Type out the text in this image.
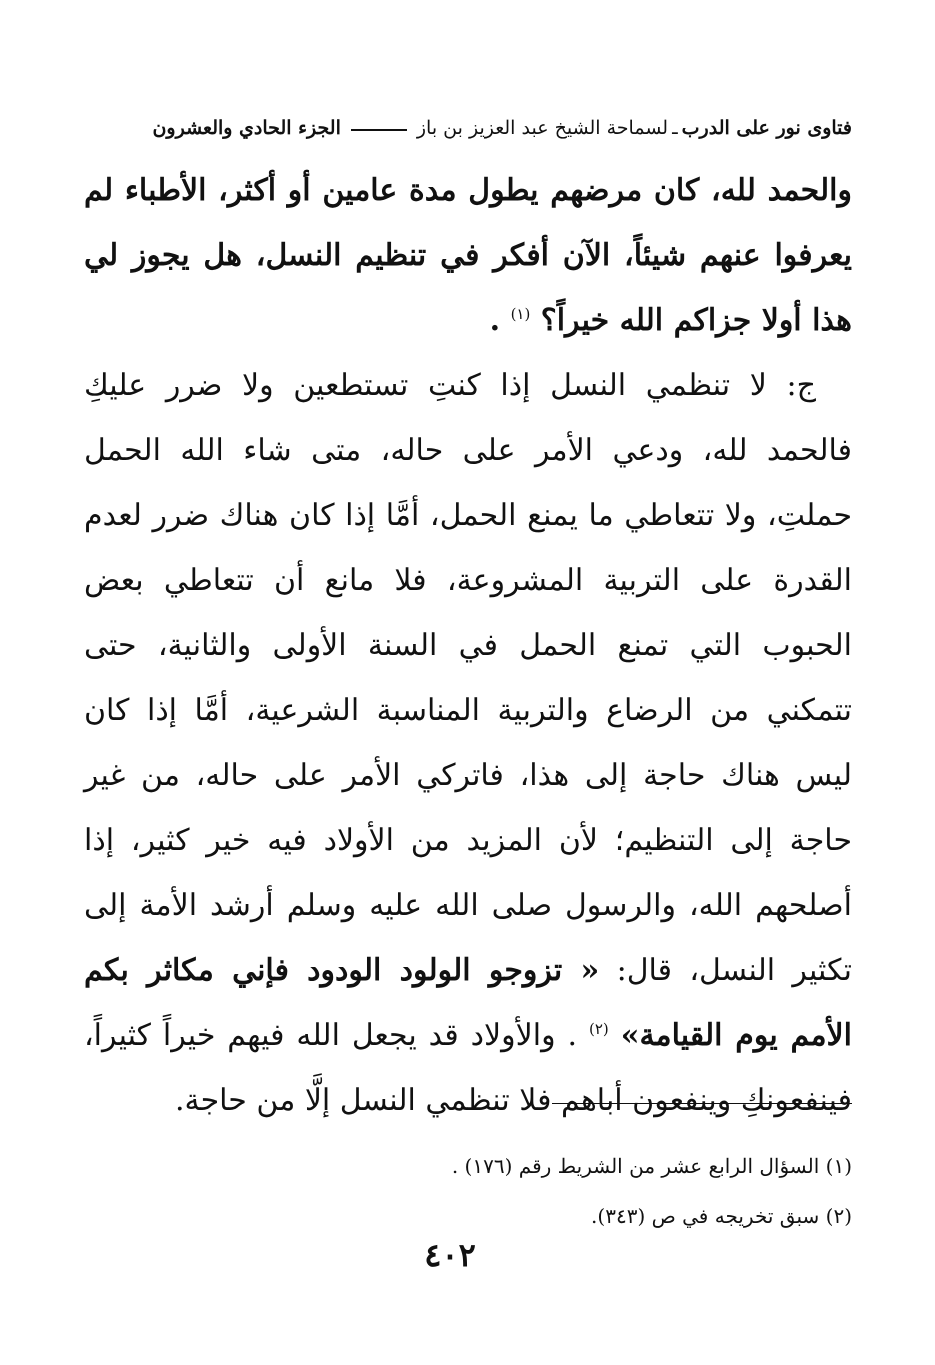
فتاوى نور على الدرب
ـ
لسماحة الشيخ عبد العزيز بن باز
الجزء الحادي والعشرون

والحمد لله، كان مرضهم يطول مدة عامين أو أكثر، الأطباء لم يعرفوا عنهم شيئاً، الآن أفكر في تنظيم النسل، هل يجوز لي هذا أولا جزاكم الله خيراً؟ $^{(١)}$ .

ج: لا تنظمي النسل إذا كنتِ تستطعين ولا ضرر عليكِ فالحمد لله، ودعي الأمر على حاله، متى شاء الله الحمل حملتِ، ولا تتعاطي ما يمنع الحمل، أمَّا إذا كان هناك ضرر لعدم القدرة على التربية المشروعة، فلا مانع أن تتعاطي بعض الحبوب التي تمنع الحمل في السنة الأولى والثانية، حتى تتمكني من الرضاع والتربية المناسبة الشرعية، أمَّا إذا كان ليس هناك حاجة إلى هذا، فاتركي الأمر على حاله، من غير حاجة إلى التنظيم؛ لأن المزيد من الأولاد فيه خير كثير، إذا أصلحهم الله، والرسول صلى الله عليه وسلم أرشد الأمة إلى تكثير النسل، قال: « تزوجو الولود الودود فإني مكاثر بكم الأمم يوم القيامة» $^{(٢)}$ . والأولاد قد يجعل الله فيهم خيراً كثيراً، فينفعونكِ وينفعون أباهم فلا تنظمي النسل إلَّا من حاجة.

(١) السؤال الرابع عشر من الشريط رقم (١٧٦) .

(٢) سبق تخريجه في ص (٣٤٣).

٤٠٢
